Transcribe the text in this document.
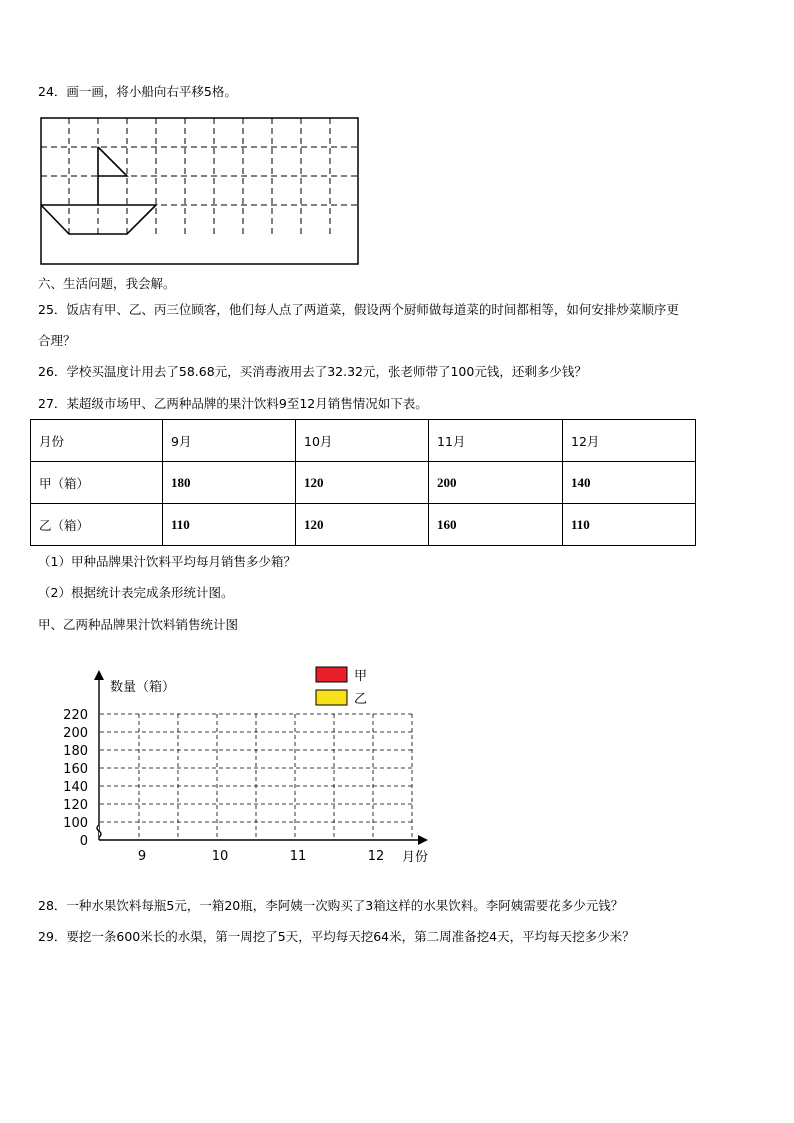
24．画一画，将小船向右平移5格。
六、生活问题，我会解。
25．饭店有甲、乙、丙三位顾客，他们每人点了两道菜，假设两个厨师做每道菜的时间都相等，如何安排炒菜顺序更
合理？
26．学校买温度计用去了58.68元，买消毒液用去了32.32元，张老师带了100元钱，还剩多少钱？
27．某超级市场甲、乙两种品牌的果汁饮料9至12月销售情况如下表。
月份	9月	10月	11月	12月
甲（箱）	180	120	200	140
乙（箱）	110	120	160	110
（1）甲种品牌果汁饮料平均每月销售多少箱？
（2）根据统计表完成条形统计图。
甲、乙两种品牌果汁饮料销售统计图
0
100
120
140
160
180
200
220
数量（箱）
9	10	11	12 月份
甲
乙
28．一种水果饮料每瓶5元，一箱20瓶，李阿姨一次购买了3箱这样的水果饮料。李阿姨需要花多少元钱？
29．要挖一条600米长的水渠，第一周挖了5天，平均每天挖64米，第二周准备挖4天，平均每天挖多少米？
